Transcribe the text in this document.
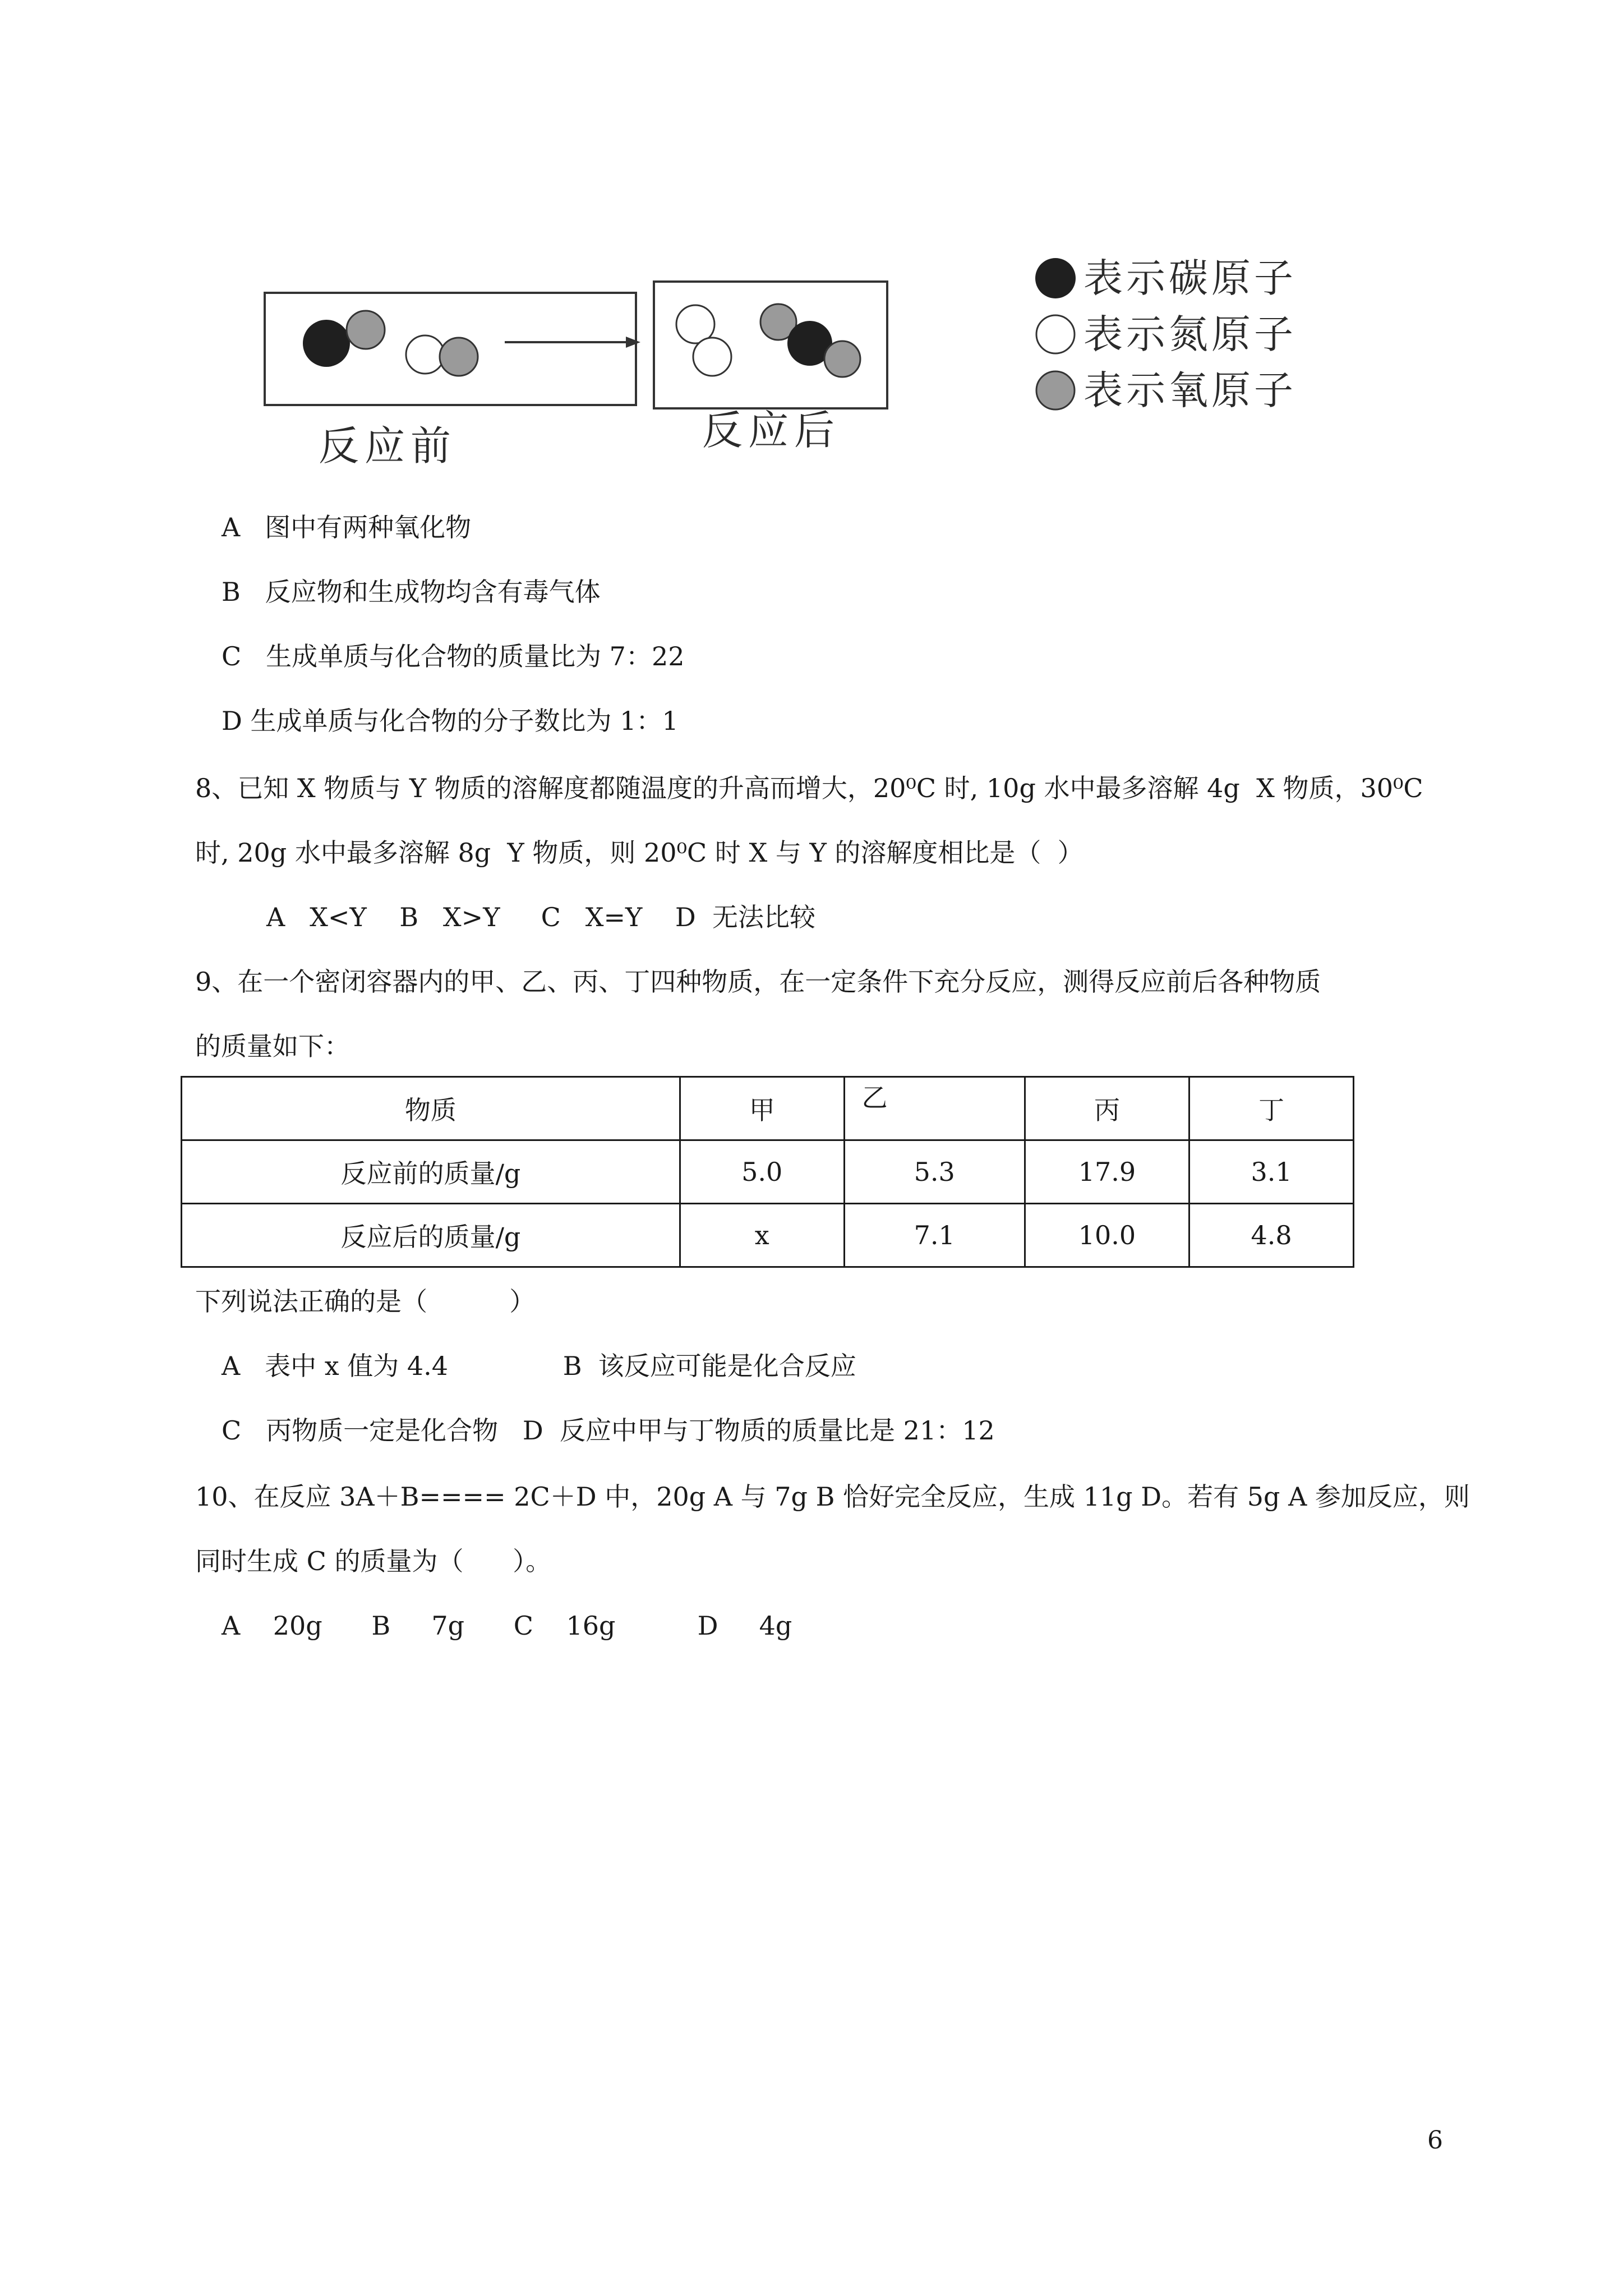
反应前	反应后
表示碳原子
表示氮原子
表示氧原子
A   图中有两种氧化物
B   反应物和生成物均含有毒气体
C   生成单质与化合物的质量比为 7：22
D 生成单质与化合物的分子数比为 1：1
8、已知 X 物质与 Y 物质的溶解度都随温度的升高而增大，20⁰C 时, 10g 水中最多溶解 4g  X 物质，30⁰C
时, 20g 水中最多溶解 8g  Y 物质，则 20⁰C 时 X 与 Y 的溶解度相比是（  ）
A   X<Y    B   X>Y     C   X=Y    D  无法比较
9、在一个密闭容器内的甲、乙、丙、丁四种物质，在一定条件下充分反应，测得反应前后各种物质
的质量如下：
物质	甲	乙	丙	丁
反应前的质量/g	5.0	5.3	17.9	3.1
反应后的质量/g	x	7.1	10.0	4.8
下列说法正确的是（          ）
A   表中 x 值为 4.4              B  该反应可能是化合反应
C   丙物质一定是化合物   D  反应中甲与丁物质的质量比是 21：12
10、在反应 3A＋B==== 2C＋D 中，20g A 与 7g B 恰好完全反应，生成 11g D。若有 5g A 参加反应，则
同时生成 C 的质量为（      ）。
A    20g      B     7g      C    16g          D     4g
6
